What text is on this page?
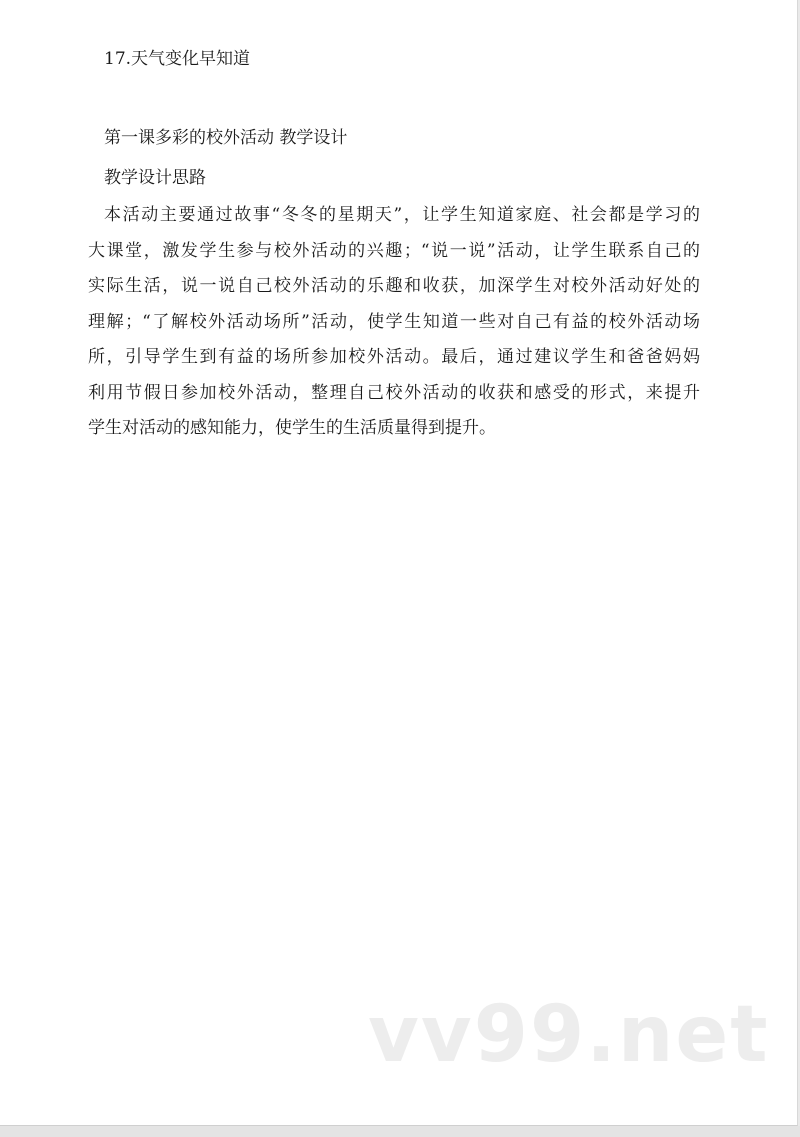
17.天气变化早知道
第一课多彩的校外活动 教学设计
教学设计思路
本活动主要通过故事“冬冬的星期天”，让学生知道家庭、社会都是学习的
大课堂，激发学生参与校外活动的兴趣；“说一说”活动，让学生联系自己的
实际生活，说一说自己校外活动的乐趣和收获，加深学生对校外活动好处的
理解；“了解校外活动场所”活动，使学生知道一些对自己有益的校外活动场
所，引导学生到有益的场所参加校外活动。最后，通过建议学生和爸爸妈妈
利用节假日参加校外活动，整理自己校外活动的收获和感受的形式，来提升
学生对活动的感知能力，使学生的生活质量得到提升。
vv99.net
